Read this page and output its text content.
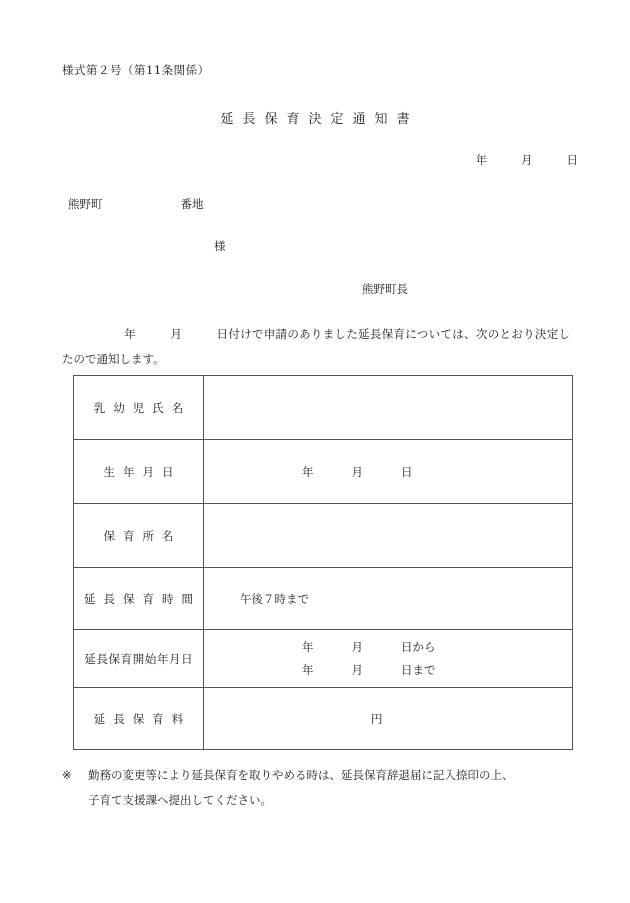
様式第２号（第11条関係）
延長保育決定通知書
年	月	日
熊野町	番地
様
熊野町長
年	月	日付けで申請のありました延長保育については、次のとおり決定したので通知します。
乳幼児氏名	
生年月日	年 月 日

保育所名	
延長保育時間	午後７時まで

延長保育開始年月日	年 月 日から
年 月 日まで

延長保育料	円
※ 勤務の変更等により延長保育を取りやめる時は、延長保育辞退届に記入捺印の上、
子育て支援課へ提出してください。
